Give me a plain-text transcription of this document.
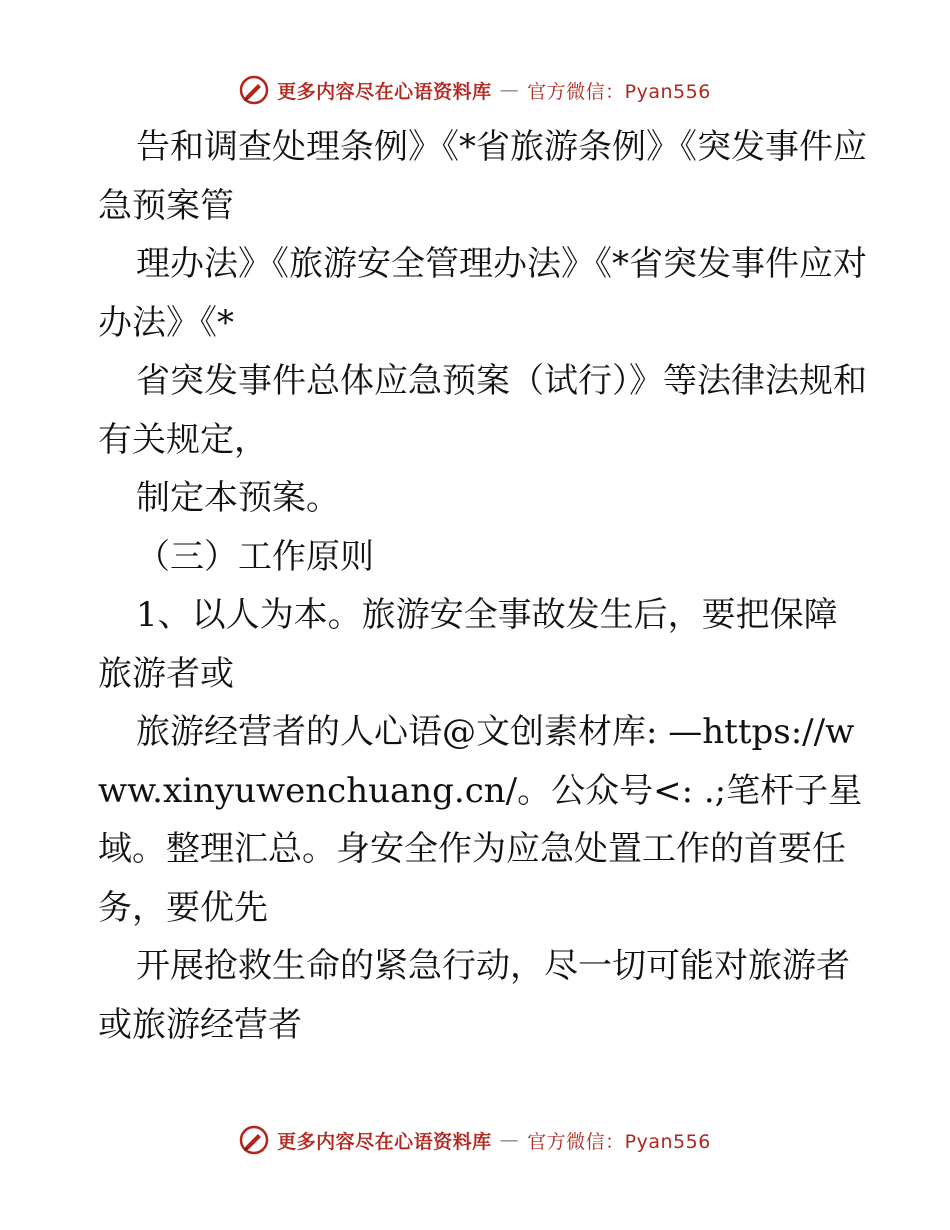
更多内容尽在心语资料库 — 官方微信：Pyan556

告和调查处理条例》《*省旅游条例》《突发事件应急预案管

理办法》《旅游安全管理办法》《*省突发事件应对办法》《*

省突发事件总体应急预案（试行）》等法律法规和有关规定，

制定本预案。

（三）工作原则

1、以人为本。旅游安全事故发生后，要把保障旅游者或

旅游经营者的人心语@文创素材库: —https://www.xinyuwenchuang.cn/。公众号<: .;笔杆子星域。整理汇总。身安全作为应急处置工作的首要任务，要优先

开展抢救生命的紧急行动，尽一切可能对旅游者或旅游经营者

更多内容尽在心语资料库 — 官方微信：Pyan556
